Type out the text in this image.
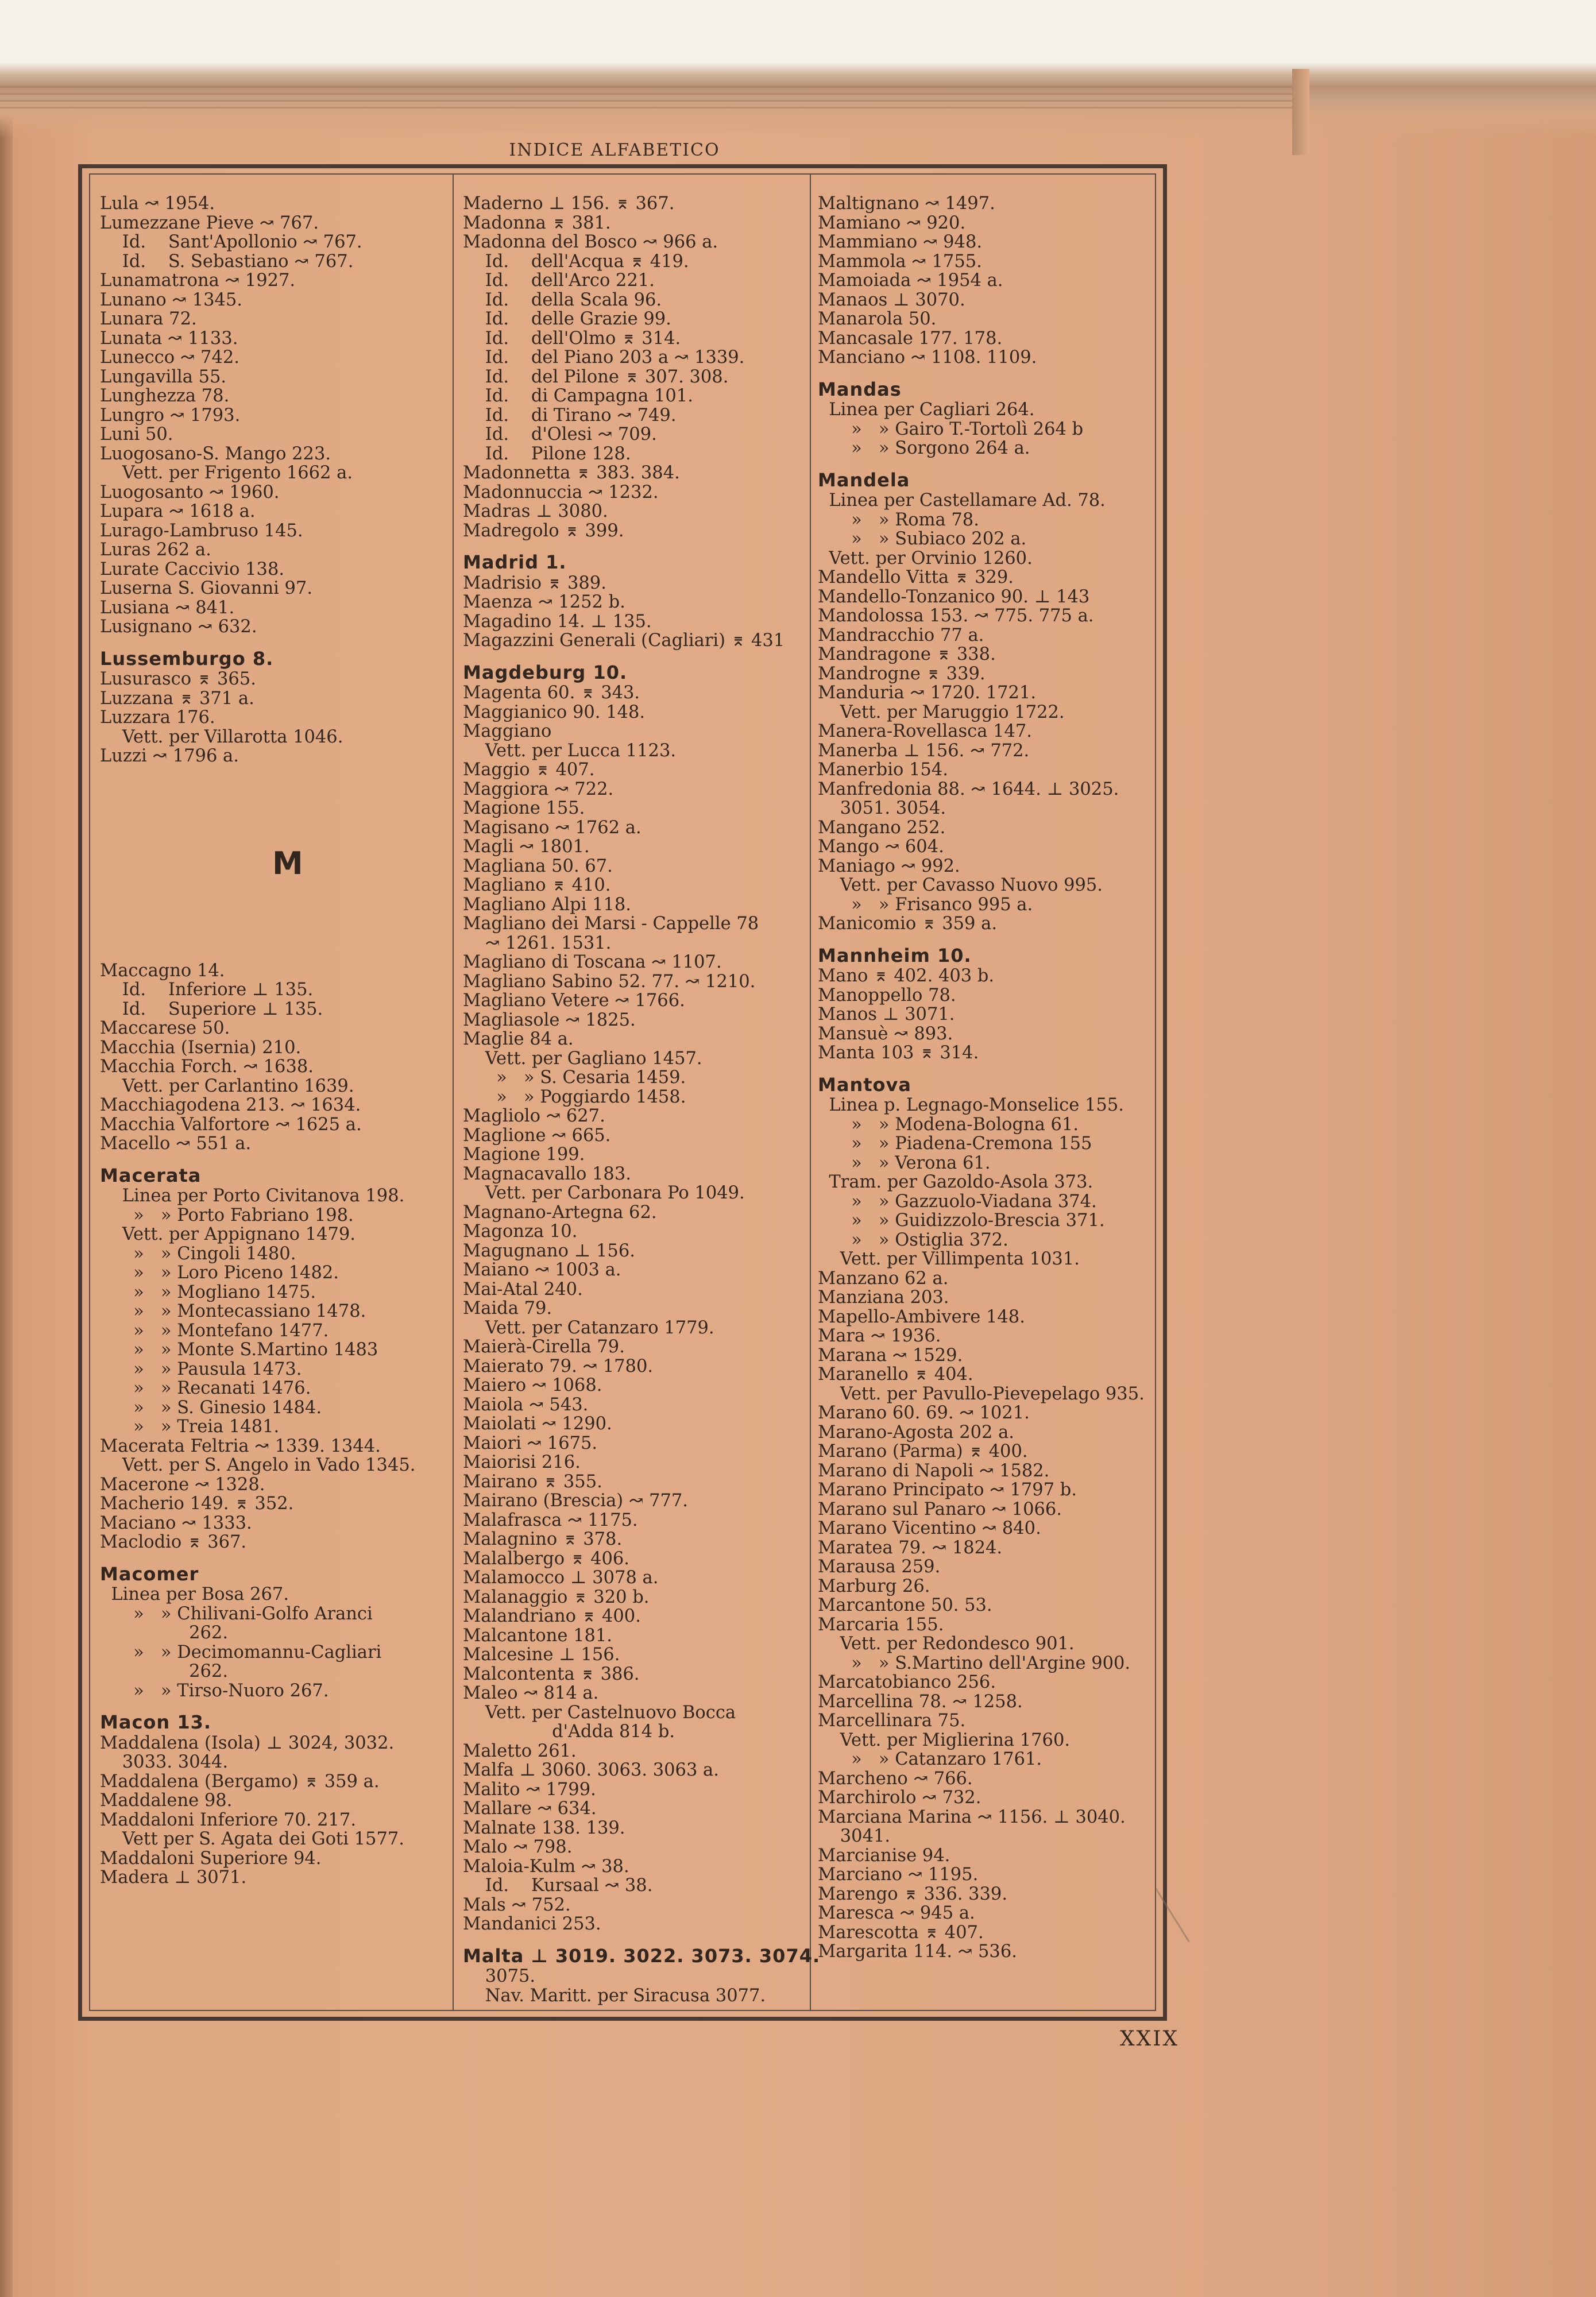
INDICE ALFABETICO
Lula ↝ 1954.
Lumezzane Pieve ↝ 767.
Id.    Sant'Apollonio ↝ 767.
Id.    S. Sebastiano ↝ 767.
Lunamatrona ↝ 1927.
Lunano ↝ 1345.
Lunara 72.
Lunata ↝ 1133.
Lunecco ↝ 742.
Lungavilla 55.
Lunghezza 78.
Lungro ↝ 1793.
Luni 50.
Luogosano-S. Mango 223.
Vett. per Frigento 1662 a.
Luogosanto ↝ 1960.
Lupara ↝ 1618 a.
Lurago-Lambruso 145.
Luras 262 a.
Lurate Caccivio 138.
Luserna S. Giovanni 97.
Lusiana ↝ 841.
Lusignano ↝ 632.
Lussemburgo 8.
Lusurasco ⌆ 365.
Luzzana ⌆ 371 a.
Luzzara 176.
Vett. per Villarotta 1046.
Luzzi ↝ 1796 a.
M
Maccagno 14.
Id.    Inferiore ⊥ 135.
Id.    Superiore ⊥ 135.
Maccarese 50.
Macchia (Isernia) 210.
Macchia Forch. ↝ 1638.
Vett. per Carlantino 1639.
Macchiagodena 213. ↝ 1634.
Macchia Valfortore ↝ 1625 a.
Macello ↝ 551 a.
Macerata
Linea per Porto Civitanova 198.
»   » Porto Fabriano 198.
Vett. per Appignano 1479.
»   » Cingoli 1480.
»   » Loro Piceno 1482.
»   » Mogliano 1475.
»   » Montecassiano 1478.
»   » Montefano 1477.
»   » Monte S.Martino 1483
»   » Pausula 1473.
»   » Recanati 1476.
»   » S. Ginesio 1484.
»   » Treia 1481.
Macerata Feltria ↝ 1339. 1344.
Vett. per S. Angelo in Vado 1345.
Macerone ↝ 1328.
Macherio 149. ⌆ 352.
Maciano ↝ 1333.
Maclodio ⌆ 367.
Macomer
Linea per Bosa 267.
»   » Chilivani-Golfo Aranci
262.
»   » Decimomannu-Cagliari
262.
»   » Tirso-Nuoro 267.
Macon 13.
Maddalena (Isola) ⊥ 3024, 3032.
3033. 3044.
Maddalena (Bergamo) ⌆ 359 a.
Maddalene 98.
Maddaloni Inferiore 70. 217.
Vett per S. Agata dei Goti 1577.
Maddaloni Superiore 94.
Madera ⊥ 3071.
Maderno ⊥ 156. ⌆ 367.
Madonna ⌆ 381.
Madonna del Bosco ↝ 966 a.
Id.    dell'Acqua ⌆ 419.
Id.    dell'Arco 221.
Id.    della Scala 96.
Id.    delle Grazie 99.
Id.    dell'Olmo ⌆ 314.
Id.    del Piano 203 a ↝ 1339.
Id.    del Pilone ⌆ 307. 308.
Id.    di Campagna 101.
Id.    di Tirano ↝ 749.
Id.    d'Olesi ↝ 709.
Id.    Pilone 128.
Madonnetta ⌆ 383. 384.
Madonnuccia ↝ 1232.
Madras ⊥ 3080.
Madregolo ⌆ 399.
Madrid 1.
Madrisio ⌆ 389.
Maenza ↝ 1252 b.
Magadino 14. ⊥ 135.
Magazzini Generali (Cagliari) ⌆ 431
Magdeburg 10.
Magenta 60. ⌆ 343.
Maggianico 90. 148.
Maggiano
Vett. per Lucca 1123.
Maggio ⌆ 407.
Maggiora ↝ 722.
Magione 155.
Magisano ↝ 1762 a.
Magli ↝ 1801.
Magliana 50. 67.
Magliano ⌆ 410.
Magliano Alpi 118.
Magliano dei Marsi - Cappelle 78
↝ 1261. 1531.
Magliano di Toscana ↝ 1107.
Magliano Sabino 52. 77. ↝ 1210.
Magliano Vetere ↝ 1766.
Magliasole ↝ 1825.
Maglie 84 a.
Vett. per Gagliano 1457.
»   » S. Cesaria 1459.
»   » Poggiardo 1458.
Magliolo ↝ 627.
Maglione ↝ 665.
Magione 199.
Magnacavallo 183.
Vett. per Carbonara Po 1049.
Magnano-Artegna 62.
Magonza 10.
Magugnano ⊥ 156.
Maiano ↝ 1003 a.
Mai-Atal 240.
Maida 79.
Vett. per Catanzaro 1779.
Maierà-Cirella 79.
Maierato 79. ↝ 1780.
Maiero ↝ 1068.
Maiola ↝ 543.
Maiolati ↝ 1290.
Maiori ↝ 1675.
Maiorisi 216.
Mairano ⌆ 355.
Mairano (Brescia) ↝ 777.
Malafrasca ↝ 1175.
Malagnino ⌆ 378.
Malalbergo ⌆ 406.
Malamocco ⊥ 3078 a.
Malanaggio ⌆ 320 b.
Malandriano ⌆ 400.
Malcantone 181.
Malcesine ⊥ 156.
Malcontenta ⌆ 386.
Maleo ↝ 814 a.
Vett. per Castelnuovo Bocca
d'Adda 814 b.
Maletto 261.
Malfa ⊥ 3060. 3063. 3063 a.
Malito ↝ 1799.
Mallare ↝ 634.
Malnate 138. 139.
Malo ↝ 798.
Maloia-Kulm ↝ 38.
Id.    Kursaal ↝ 38.
Mals ↝ 752.
Mandanici 253.
Malta ⊥ 3019. 3022. 3073. 3074.
3075.
Nav. Maritt. per Siracusa 3077.
Maltignano ↝ 1497.
Mamiano ↝ 920.
Mammiano ↝ 948.
Mammola ↝ 1755.
Mamoiada ↝ 1954 a.
Manaos ⊥ 3070.
Manarola 50.
Mancasale 177. 178.
Manciano ↝ 1108. 1109.
Mandas
Linea per Cagliari 264.
»   » Gairo T.-Tortolì 264 b
»   » Sorgono 264 a.
Mandela
Linea per Castellamare Ad. 78.
»   » Roma 78.
»   » Subiaco 202 a.
Vett. per Orvinio 1260.
Mandello Vitta ⌆ 329.
Mandello-Tonzanico 90. ⊥ 143
Mandolossa 153. ↝ 775. 775 a.
Mandracchio 77 a.
Mandragone ⌆ 338.
Mandrogne ⌆ 339.
Manduria ↝ 1720. 1721.
Vett. per Maruggio 1722.
Manera-Rovellasca 147.
Manerba ⊥ 156. ↝ 772.
Manerbio 154.
Manfredonia 88. ↝ 1644. ⊥ 3025.
3051. 3054.
Mangano 252.
Mango ↝ 604.
Maniago ↝ 992.
Vett. per Cavasso Nuovo 995.
»   » Frisanco 995 a.
Manicomio ⌆ 359 a.
Mannheim 10.
Mano ⌆ 402. 403 b.
Manoppello 78.
Manos ⊥ 3071.
Mansuè ↝ 893.
Manta 103 ⌆ 314.
Mantova
Linea p. Legnago-Monselice 155.
»   » Modena-Bologna 61.
»   » Piadena-Cremona 155
»   » Verona 61.
Tram. per Gazoldo-Asola 373.
»   » Gazzuolo-Viadana 374.
»   » Guidizzolo-Brescia 371.
»   » Ostiglia 372.
Vett. per Villimpenta 1031.
Manzano 62 a.
Manziana 203.
Mapello-Ambivere 148.
Mara ↝ 1936.
Marana ↝ 1529.
Maranello ⌆ 404.
Vett. per Pavullo-Pievepelago 935.
Marano 60. 69. ↝ 1021.
Marano-Agosta 202 a.
Marano (Parma) ⌆ 400.
Marano di Napoli ↝ 1582.
Marano Principato ↝ 1797 b.
Marano sul Panaro ↝ 1066.
Marano Vicentino ↝ 840.
Maratea 79. ↝ 1824.
Marausa 259.
Marburg 26.
Marcantone 50. 53.
Marcaria 155.
Vett. per Redondesco 901.
»   » S.Martino dell'Argine 900.
Marcatobianco 256.
Marcellina 78. ↝ 1258.
Marcellinara 75.
Vett. per Miglierina 1760.
»   » Catanzaro 1761.
Marcheno ↝ 766.
Marchirolo ↝ 732.
Marciana Marina ↝ 1156. ⊥ 3040.
3041.
Marcianise 94.
Marciano ↝ 1195.
Marengo ⌆ 336. 339.
Maresca ↝ 945 a.
Marescotta ⌆ 407.
Margarita 114. ↝ 536.
XXIX
